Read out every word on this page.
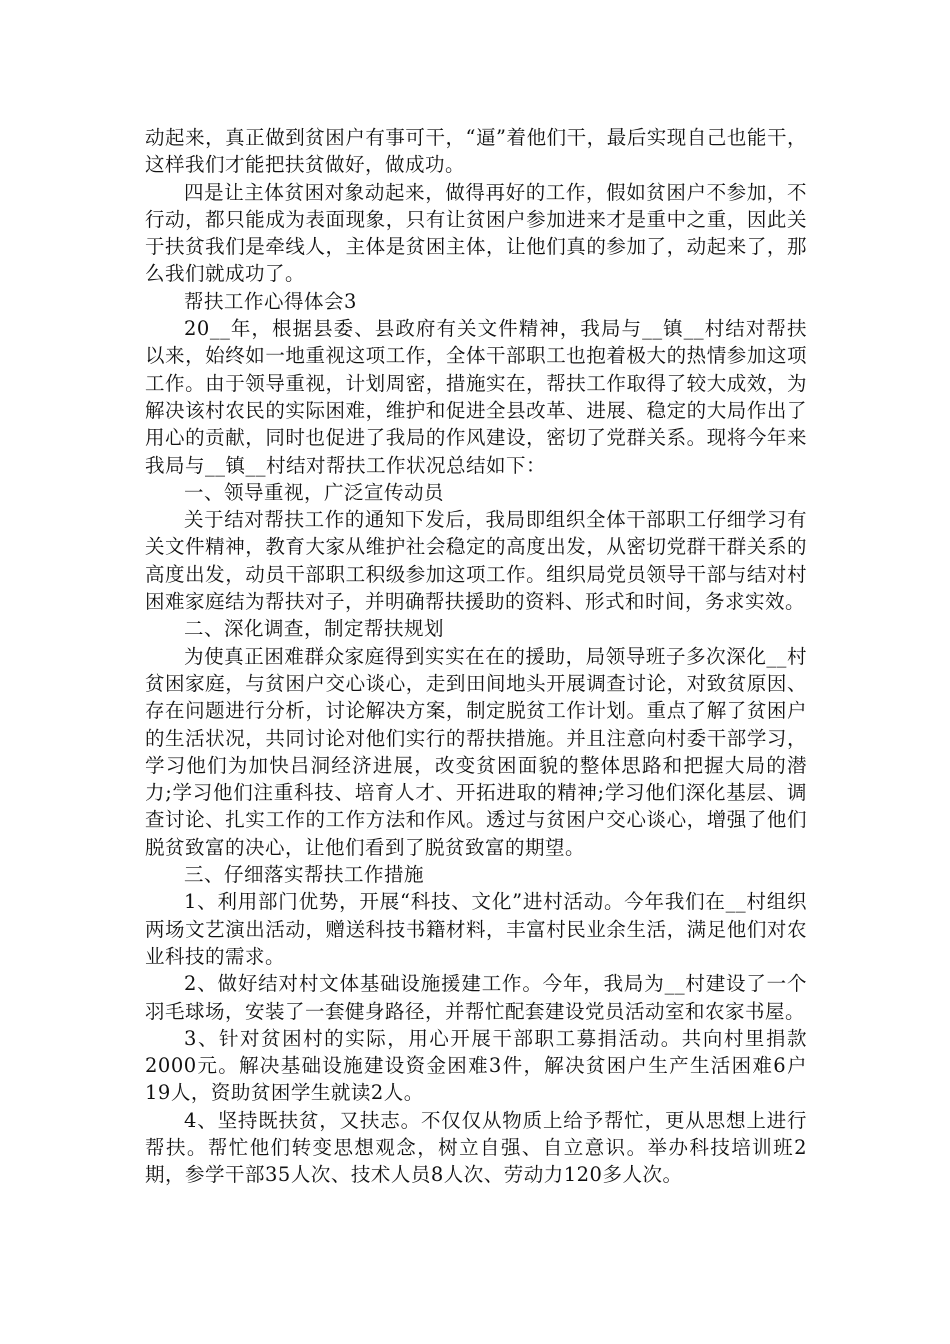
动起来，真正做到贫困户有事可干，“逼”着他们干，最后实现自己也能干，这样我们才能把扶贫做好，做成功。

四是让主体贫困对象动起来，做得再好的工作，假如贫困户不参加，不行动，都只能成为表面现象，只有让贫困户参加进来才是重中之重，因此关于扶贫我们是牵线人，主体是贫困主体，让他们真的参加了，动起来了，那么我们就成功了。

帮扶工作心得体会3

20__年，根据县委、县政府有关文件精神，我局与__镇__村结对帮扶以来，始终如一地重视这项工作，全体干部职工也抱着极大的热情参加这项工作。由于领导重视，计划周密，措施实在，帮扶工作取得了较大成效，为解决该村农民的实际困难，维护和促进全县改革、进展、稳定的大局作出了用心的贡献，同时也促进了我局的作风建设，密切了党群关系。现将今年来我局与__镇__村结对帮扶工作状况总结如下：

一、领导重视，广泛宣传动员

关于结对帮扶工作的通知下发后，我局即组织全体干部职工仔细学习有关文件精神，教育大家从维护社会稳定的高度出发，从密切党群干群关系的高度出发，动员干部职工积级参加这项工作。组织局党员领导干部与结对村困难家庭结为帮扶对子，并明确帮扶援助的资料、形式和时间，务求实效。

二、深化调查，制定帮扶规划

为使真正困难群众家庭得到实实在在的援助，局领导班子多次深化__村贫困家庭，与贫困户交心谈心，走到田间地头开展调查讨论，对致贫原因、存在问题进行分析，讨论解决方案，制定脱贫工作计划。重点了解了贫困户的生活状况，共同讨论对他们实行的帮扶措施。并且注意向村委干部学习，学习他们为加快吕洞经济进展，改变贫困面貌的整体思路和把握大局的潜力;学习他们注重科技、培育人才、开拓进取的精神;学习他们深化基层、调查讨论、扎实工作的工作方法和作风。透过与贫困户交心谈心，增强了他们脱贫致富的决心，让他们看到了脱贫致富的期望。

三、仔细落实帮扶工作措施

1、利用部门优势，开展“科技、文化”进村活动。今年我们在__村组织两场文艺演出活动，赠送科技书籍材料，丰富村民业余生活，满足他们对农业科技的需求。

2、做好结对村文体基础设施援建工作。今年，我局为__村建设了一个羽毛球场，安装了一套健身路径，并帮忙配套建设党员活动室和农家书屋。

3、针对贫困村的实际，用心开展干部职工募捐活动。共向村里捐款2000元。解决基础设施建设资金困难3件，解决贫困户生产生活困难6户19人，资助贫困学生就读2人。

4、坚持既扶贫，又扶志。不仅仅从物质上给予帮忙，更从思想上进行帮扶。帮忙他们转变思想观念，树立自强、自立意识。举办科技培训班2期，参学干部35人次、技术人员8人次、劳动力120多人次。
